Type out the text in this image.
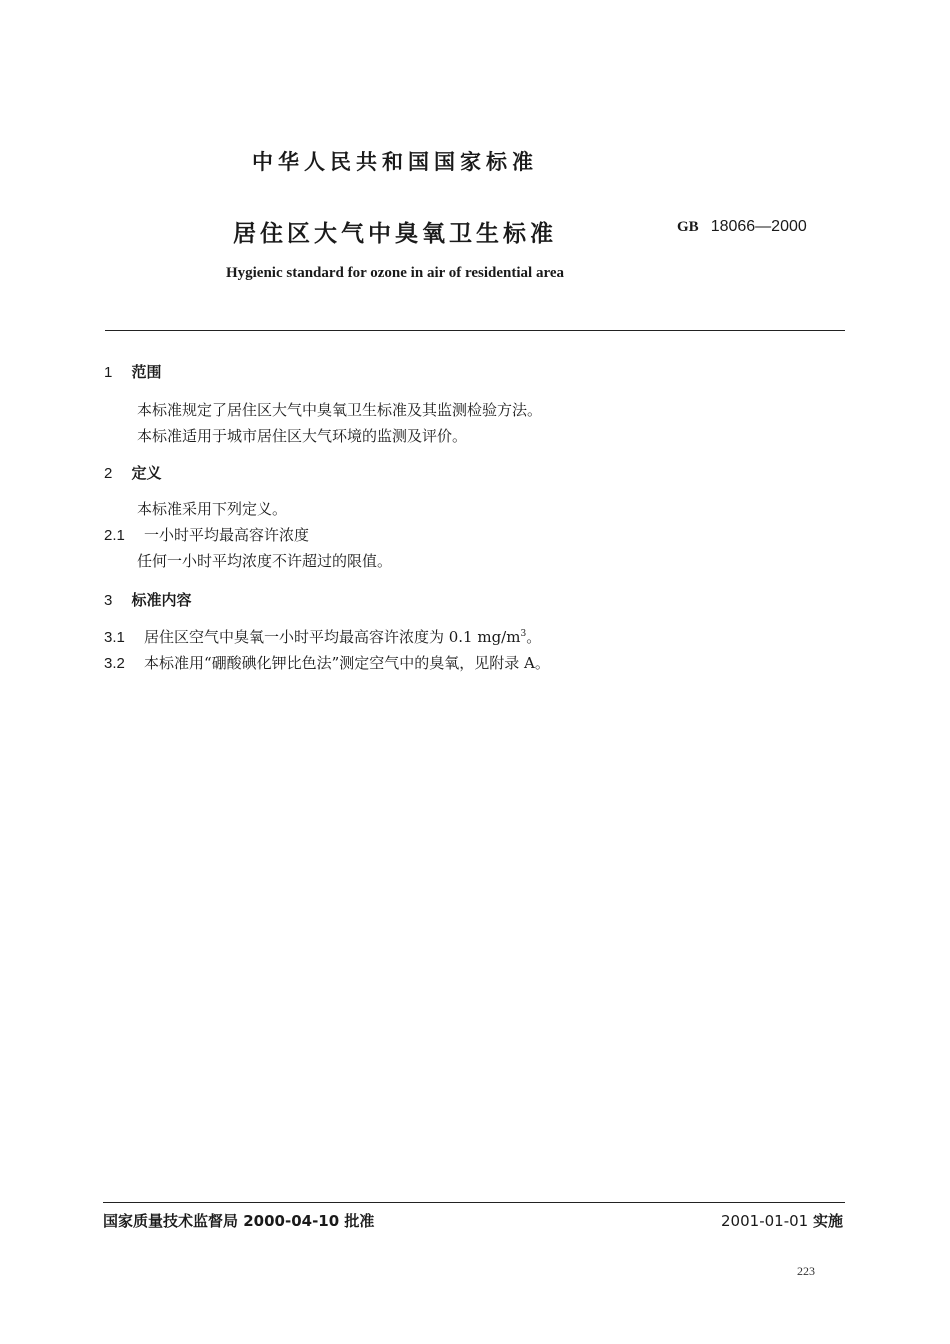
中华人民共和国国家标准
居住区大气中臭氧卫生标准	GB 18066—2000
Hygienic standard for ozone in air of residential area
1 范围
本标准规定了居住区大气中臭氧卫生标准及其监测检验方法。
本标准适用于城市居住区大气环境的监测及评价。
2 定义
本标准采用下列定义。
2.1 一小时平均最高容许浓度
任何一小时平均浓度不许超过的限值。
3 标准内容
3.1 居住区空气中臭氧一小时平均最高容许浓度为 0.1 $mg/m^3$。
3.2 本标准用“硼酸碘化钾比色法”测定空气中的臭氧，见附录 A。
国家质量技术监督局 2000-04-10 批准	2001-01-01 实施
223
